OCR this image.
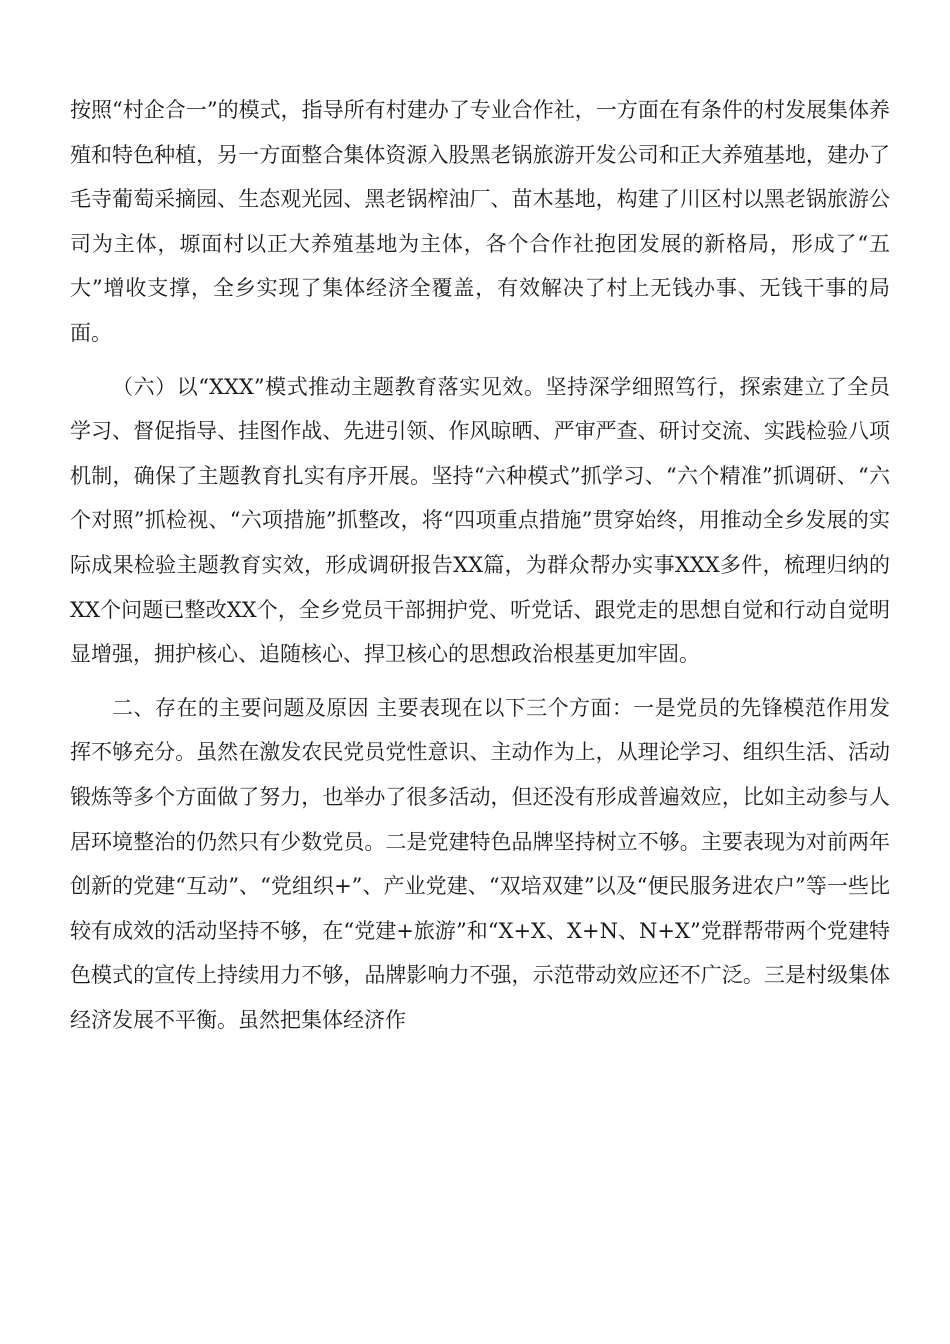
按照“村企合一”的模式，指导所有村建办了专业合作社，一方面在有条件的村发展集体养殖和特色种植，另一方面整合集体资源入股黑老锅旅游开发公司和正大养殖基地，建办了毛寺葡萄采摘园、生态观光园、黑老锅榨油厂、苗木基地，构建了川区村以黑老锅旅游公司为主体，塬面村以正大养殖基地为主体，各个合作社抱团发展的新格局，形成了“五大”增收支撑，全乡实现了集体经济全覆盖，有效解决了村上无钱办事、无钱干事的局面。

（六）以“XXX”模式推动主题教育落实见效。坚持深学细照笃行，探索建立了全员学习、督促指导、挂图作战、先进引领、作风晾晒、严审严查、研讨交流、实践检验八项机制，确保了主题教育扎实有序开展。坚持“六种模式”抓学习、“六个精准”抓调研、“六个对照”抓检视、“六项措施”抓整改，将“四项重点措施”贯穿始终，用推动全乡发展的实际成果检验主题教育实效，形成调研报告XX篇，为群众帮办实事XXX多件，梳理归纳的XX个问题已整改XX个，全乡党员干部拥护党、听党话、跟党走的思想自觉和行动自觉明显增强，拥护核心、追随核心、捍卫核心的思想政治根基更加牢固。

二、存在的主要问题及原因 主要表现在以下三个方面：一是党员的先锋模范作用发挥不够充分。虽然在激发农民党员党性意识、主动作为上，从理论学习、组织生活、活动锻炼等多个方面做了努力，也举办了很多活动，但还没有形成普遍效应，比如主动参与人居环境整治的仍然只有少数党员。二是党建特色品牌坚持树立不够。主要表现为对前两年创新的党建“互动”、“党组织+”、产业党建、“双培双建”以及“便民服务进农户”等一些比较有成效的活动坚持不够，在“党建+旅游”和“X+X、X+N、N+X”党群帮带两个党建特色模式的宣传上持续用力不够，品牌影响力不强，示范带动效应还不广泛。三是村级集体经济发展不平衡。虽然把集体经济作
